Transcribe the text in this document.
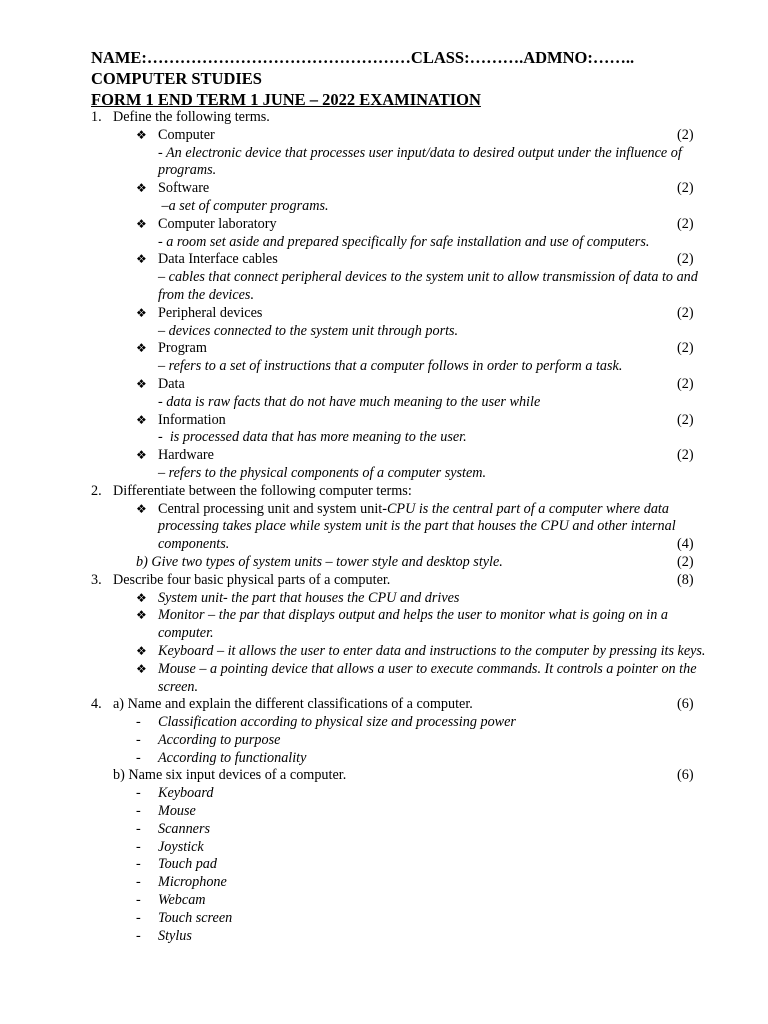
NAME:…………………………………………CLASS:……….ADMNO:……..
COMPUTER STUDIES
FORM 1 END TERM 1 JUNE – 2022 EXAMINATION
1. Define the following terms.
❖ Computer	(2)
- An electronic device that processes user input/data to desired output under the influence of programs.
❖ Software	(2)
–a set of computer programs.
❖ Computer laboratory	(2)
- a room set aside and prepared specifically for safe installation and use of computers.
❖ Data Interface cables	(2)
– cables that connect peripheral devices to the system unit to allow transmission of data to and from the devices.
❖ Peripheral devices	(2)
– devices connected to the system unit through ports.
❖ Program	(2)
– refers to a set of instructions that a computer follows in order to perform a task.
❖ Data	(2)
- data is raw facts that do not have much meaning to the user while
❖ Information	(2)
-  is processed data that has more meaning to the user.
❖ Hardware	(2)
– refers to the physical components of a computer system.
2. Differentiate between the following computer terms:
❖ Central processing unit and system unit-CPU is the central part of a computer where data processing takes place while system unit is the part that houses the CPU and other internal components.	(4)
b) Give two types of system units – tower style and desktop style.	(2)
3. Describe four basic physical parts of a computer.	(8)
❖ System unit- the part that houses the CPU and drives
❖ Monitor – the par that displays output and helps the user to monitor what is going on in a computer.
❖ Keyboard – it allows the user to enter data and instructions to the computer by pressing its keys.
❖ Mouse – a pointing device that allows a user to execute commands. It controls a pointer on the screen.
4. a) Name and explain the different classifications of a computer.	(6)
- Classification according to physical size and processing power
- According to purpose
- According to functionality
b) Name six input devices of a computer.	(6)
- Keyboard
- Mouse
- Scanners
- Joystick
- Touch pad
- Microphone
- Webcam
- Touch screen
- Stylus
